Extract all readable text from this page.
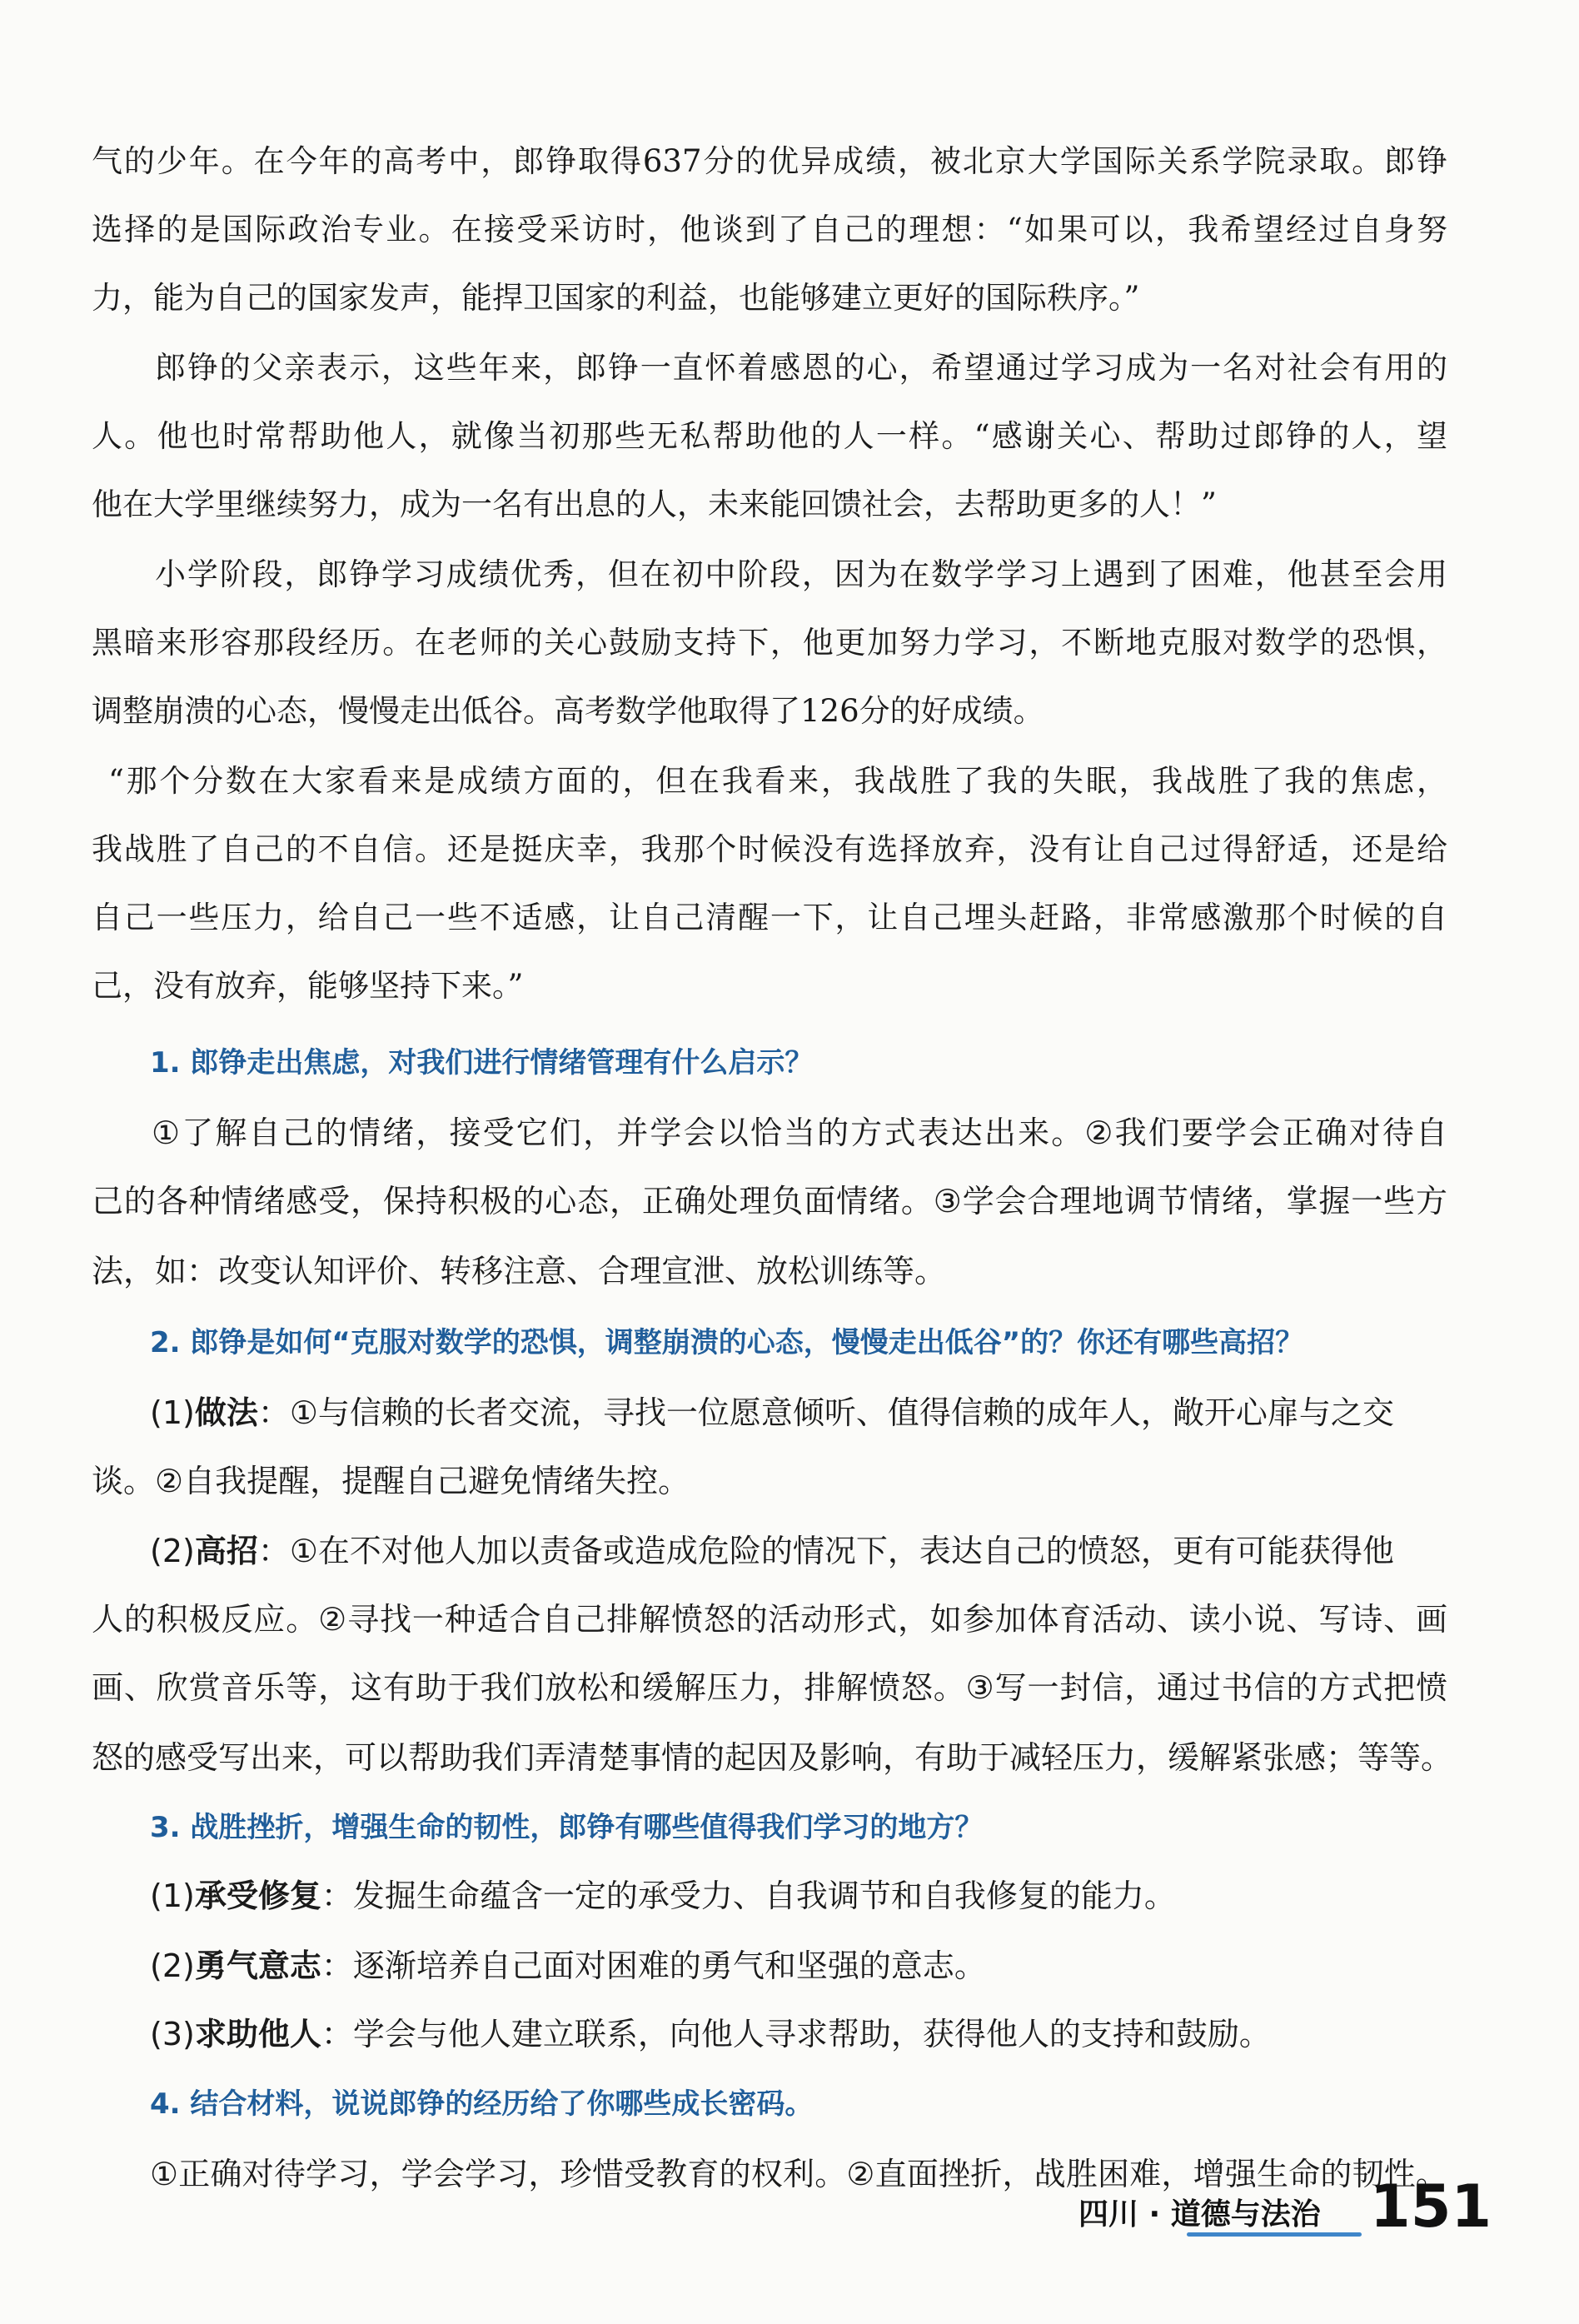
气的少年。在今年的高考中，郎铮取得637分的优异成绩，被北京大学国际关系学院录取。郎铮
选择的是国际政治专业。在接受采访时，他谈到了自己的理想：“如果可以，我希望经过自身努
力，能为自己的国家发声，能捍卫国家的利益，也能够建立更好的国际秩序。”
郎铮的父亲表示，这些年来，郎铮一直怀着感恩的心，希望通过学习成为一名对社会有用的
人。他也时常帮助他人，就像当初那些无私帮助他的人一样。“感谢关心、帮助过郎铮的人，望
他在大学里继续努力，成为一名有出息的人，未来能回馈社会，去帮助更多的人！”
小学阶段，郎铮学习成绩优秀，但在初中阶段，因为在数学学习上遇到了困难，他甚至会用
黑暗来形容那段经历。在老师的关心鼓励支持下，他更加努力学习，不断地克服对数学的恐惧，
调整崩溃的心态，慢慢走出低谷。高考数学他取得了126分的好成绩。
“那个分数在大家看来是成绩方面的，但在我看来，我战胜了我的失眠，我战胜了我的焦虑，
我战胜了自己的不自信。还是挺庆幸，我那个时候没有选择放弃，没有让自己过得舒适，还是给
自己一些压力，给自己一些不适感，让自己清醒一下，让自己埋头赶路，非常感激那个时候的自
己，没有放弃，能够坚持下来。”
1. 郎铮走出焦虑，对我们进行情绪管理有什么启示？
①了解自己的情绪，接受它们，并学会以恰当的方式表达出来。②我们要学会正确对待自
己的各种情绪感受，保持积极的心态，正确处理负面情绪。③学会合理地调节情绪，掌握一些方
法，如：改变认知评价、转移注意、合理宣泄、放松训练等。
2. 郎铮是如何“克服对数学的恐惧，调整崩溃的心态，慢慢走出低谷”的？你还有哪些高招？
(1)做法：①与信赖的长者交流，寻找一位愿意倾听、值得信赖的成年人，敞开心扉与之交
谈。②自我提醒，提醒自己避免情绪失控。
(2)高招：①在不对他人加以责备或造成危险的情况下，表达自己的愤怒，更有可能获得他
人的积极反应。②寻找一种适合自己排解愤怒的活动形式，如参加体育活动、读小说、写诗、画
画、欣赏音乐等，这有助于我们放松和缓解压力，排解愤怒。③写一封信，通过书信的方式把愤
怒的感受写出来，可以帮助我们弄清楚事情的起因及影响，有助于减轻压力，缓解紧张感；等等。
3. 战胜挫折，增强生命的韧性，郎铮有哪些值得我们学习的地方？
(1)承受修复：发掘生命蕴含一定的承受力、自我调节和自我修复的能力。
(2)勇气意志：逐渐培养自己面对困难的勇气和坚强的意志。
(3)求助他人：学会与他人建立联系，向他人寻求帮助，获得他人的支持和鼓励。
4. 结合材料，说说郎铮的经历给了你哪些成长密码。
①正确对待学习，学会学习，珍惜受教育的权利。②直面挫折，战胜困难，增强生命的韧性。
四川 · 道德与法治 151
